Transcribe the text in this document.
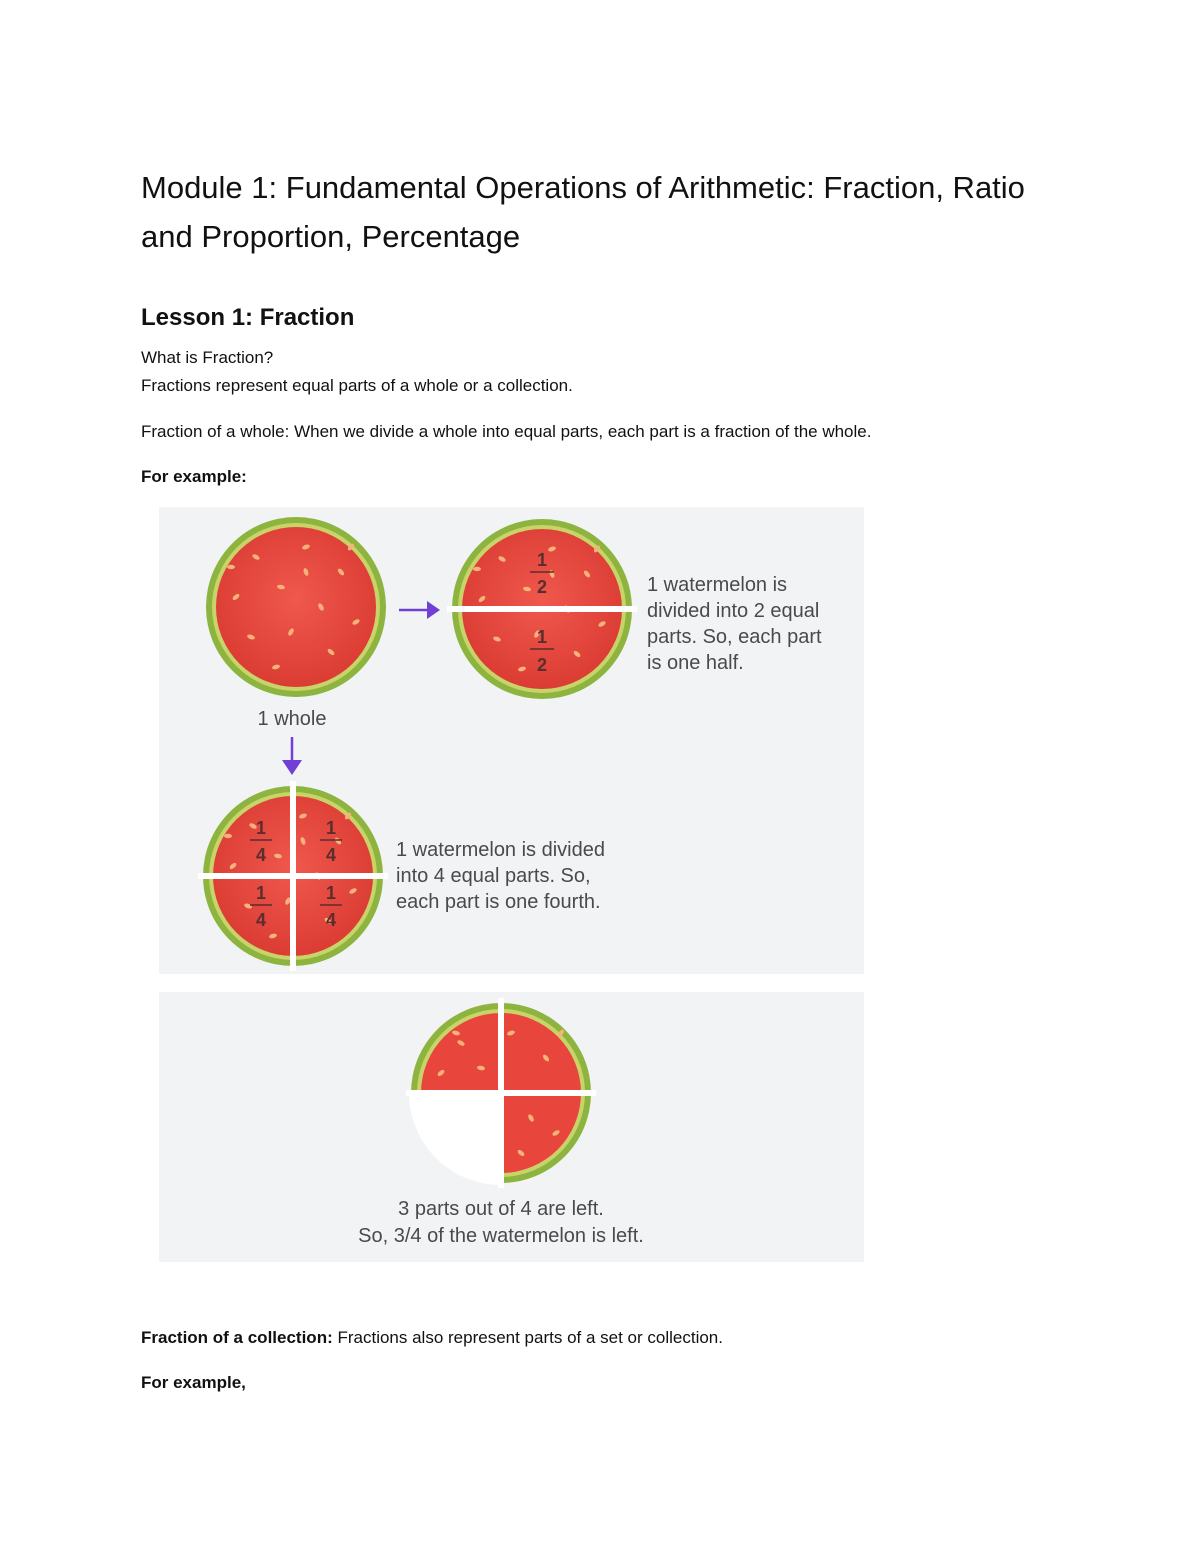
Module 1: Fundamental Operations of Arithmetic: Fraction, Ratio and Proportion, Percentage
Lesson 1: Fraction

What is Fraction?

Fractions represent equal parts of a whole or a collection.

Fraction of a whole: When we divide a whole into equal parts, each part is a fraction of the whole.

For example:

1 whole
1
2
1
2
1 watermelon is
divided into 2 equal
parts. So, each part
is one half.
1
4
1
4
1
4
1
4
1 watermelon is divided
into 4 equal parts. So,
each part is one fourth.
3 parts out of 4 are left.
So, 3/4 of the watermelon is left.

Fraction of a collection: Fractions also represent parts of a set or collection.

For example,
